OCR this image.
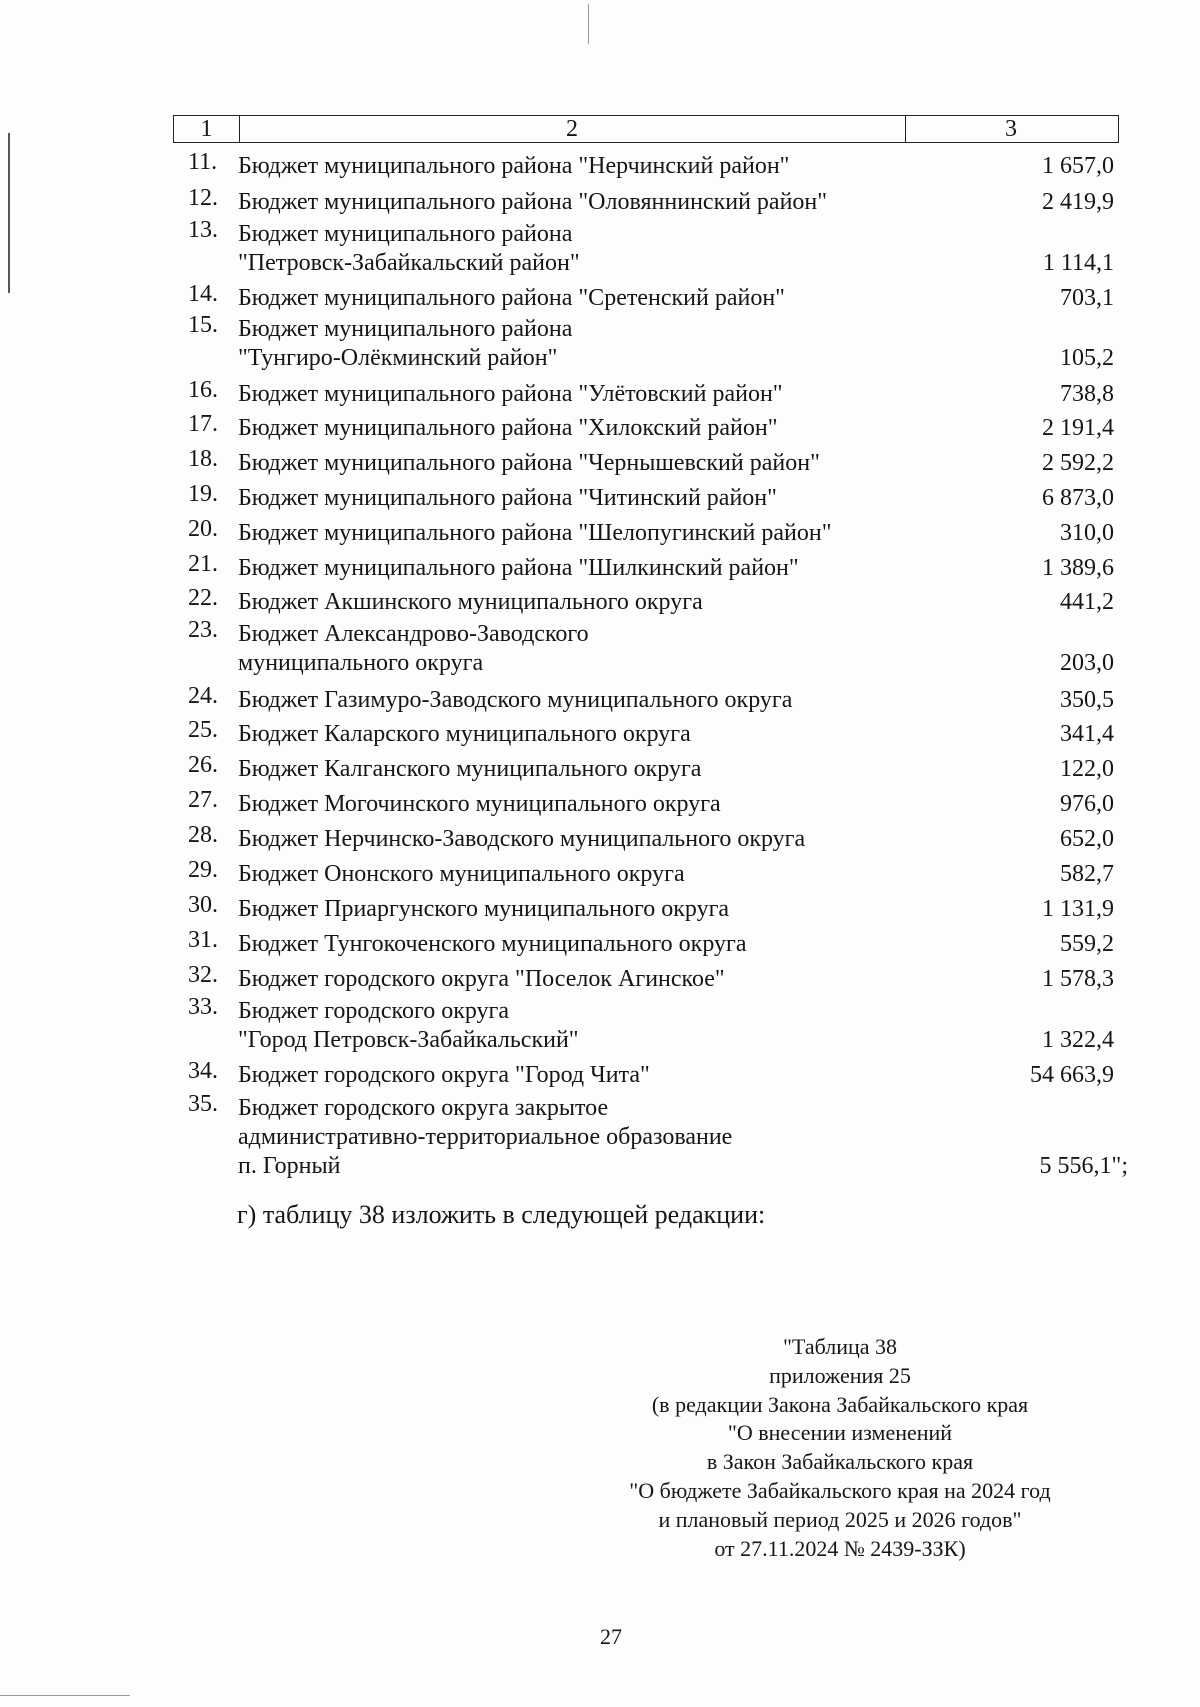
1	2	3
11. Бюджет муниципального района "Нерчинский район"	1 657,0
12. Бюджет муниципального района "Оловяннинский район"	2 419,9
13. Бюджет муниципального района
"Петровск-Забайкальский район"	1 114,1
14. Бюджет муниципального района "Сретенский район"	703,1
15. Бюджет муниципального района
"Тунгиро-Олёкминский район"	105,2
16. Бюджет муниципального района "Улётовский район"	738,8
17. Бюджет муниципального района "Хилокский район"	2 191,4
18. Бюджет муниципального района "Чернышевский район"	2 592,2
19. Бюджет муниципального района "Читинский район"	6 873,0
20. Бюджет муниципального района "Шелопугинский район"	310,0
21. Бюджет муниципального района "Шилкинский район"	1 389,6
22. Бюджет Акшинского муниципального округа	441,2
23. Бюджет Александрово-Заводского
муниципального округа	203,0
24. Бюджет Газимуро-Заводского муниципального округа	350,5
25. Бюджет Каларского муниципального округа	341,4
26. Бюджет Калганского муниципального округа	122,0
27. Бюджет Могочинского муниципального округа	976,0
28. Бюджет Нерчинско-Заводского муниципального округа	652,0
29. Бюджет Ононского муниципального округа	582,7
30. Бюджет Приаргунского муниципального округа	1 131,9
31. Бюджет Тунгокоченского муниципального округа	559,2
32. Бюджет городского округа "Поселок Агинское"	1 578,3
33. Бюджет городского округа
"Город Петровск-Забайкальский"	1 322,4
34. Бюджет городского округа "Город Чита"	54 663,9
35. Бюджет городского округа закрытое
административно-территориальное образование
п. Горный	5 556,1";
г) таблицу 38 изложить в следующей редакции:
"Таблица 38
приложения 25
(в редакции Закона Забайкальского края
"О внесении изменений
в Закон Забайкальского края
"О бюджете Забайкальского края на 2024 год
и плановый период 2025 и 2026 годов"
от 27.11.2024 № 2439-ЗЗК)
27
